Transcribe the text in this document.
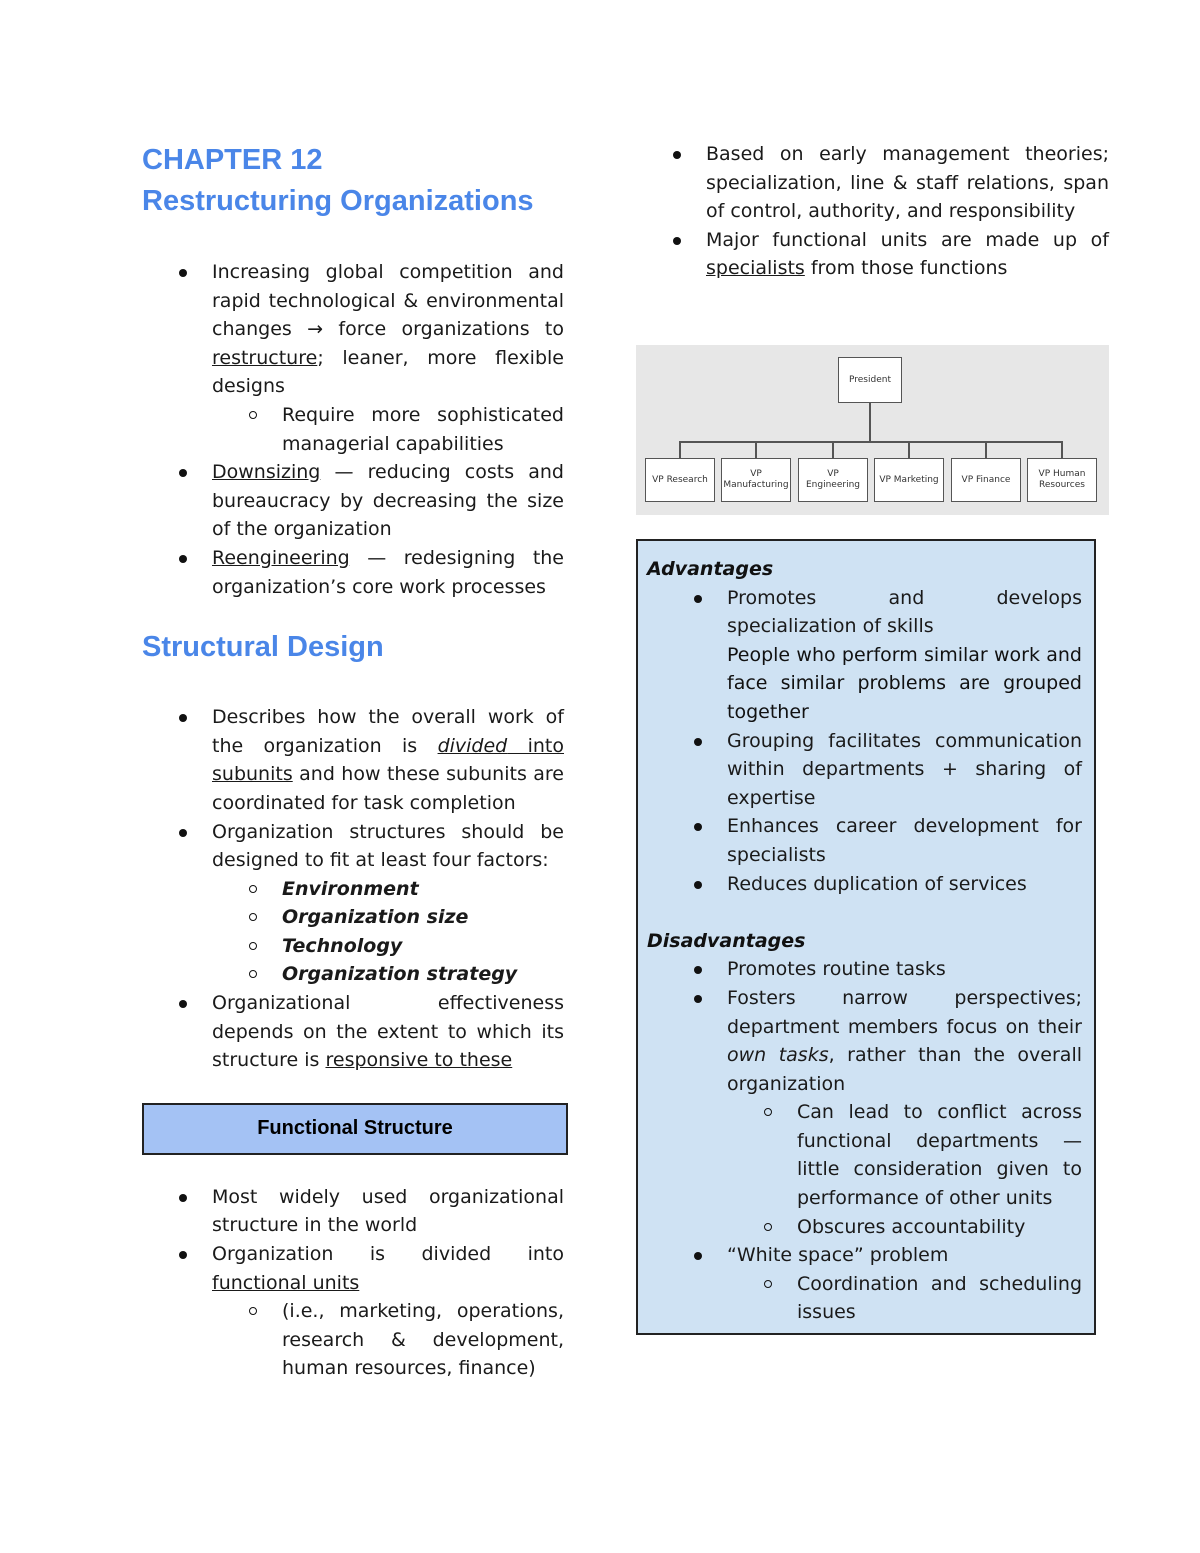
CHAPTER 12
Restructuring Organizations
Increasing global competition and rapid technological & environmental changes → force organizations to restructure; leaner, more flexible designs
Require more sophisticated managerial capabilities
Downsizing — reducing costs and bureaucracy by decreasing the size of the organization
Reengineering — redesigning the organization’s core work processes
Structural Design
Describes how the overall work of the organization is divided into subunits and how these subunits are coordinated for task completion
Organization structures should be designed to fit at least four factors:
Environment
Organization size
Technology
Organization strategy
Organizational effectiveness depends on the extent to which its structure is responsive to these
Functional Structure
Most widely used organizational structure in the world
Organization is divided into functional units
(i.e., marketing, operations, research & development, human resources, finance)
Based on early management theories; specialization, line & staff relations, span of control, authority, and responsibility
Major functional units are made up of specialists from those functions
President
VP Research
VP Manufacturing
VP Engineering
VP Marketing	VP Finance
VP Human Resources

Advantages

Promotes and develops specialization of skills
People who perform similar work and face similar problems are grouped together
Grouping facilitates communication within departments + sharing of expertise
Enhances career development for specialists
Reduces duplication of services

Disadvantages

Promotes routine tasks
Fosters narrow perspectives; department members focus on their own tasks, rather than the overall organization
Can lead to conflict across functional departments — little consideration given to performance of other units
Obscures accountability
“White space” problem
Coordination and scheduling issues
